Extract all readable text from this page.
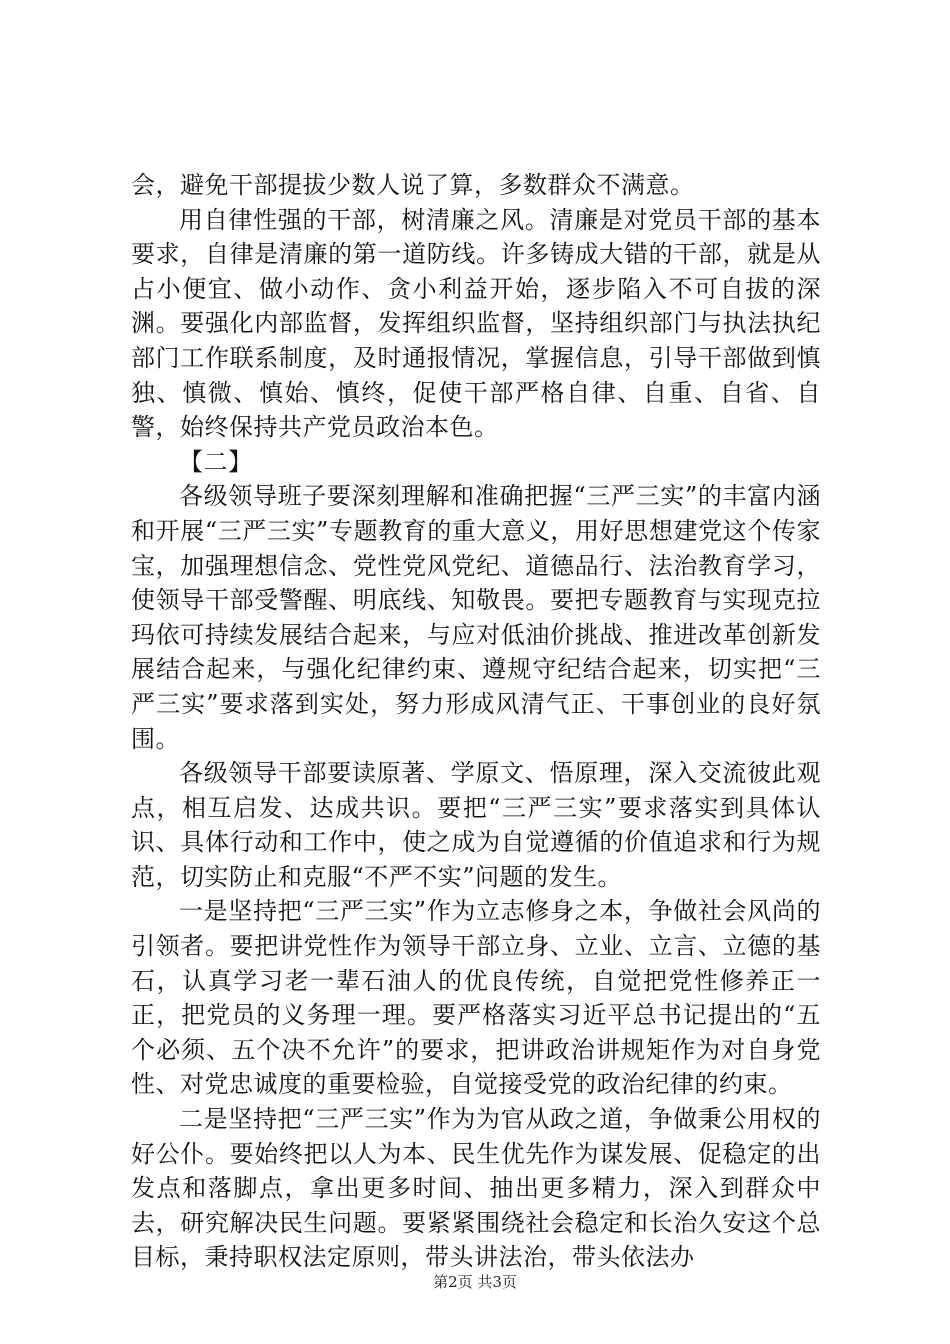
会，避免干部提拔少数人说了算，多数群众不满意。

用自律性强的干部，树清廉之风。清廉是对党员干部的基本要求，自律是清廉的第一道防线。许多铸成大错的干部，就是从占小便宜、做小动作、贪小利益开始，逐步陷入不可自拔的深渊。要强化内部监督，发挥组织监督，坚持组织部门与执法执纪部门工作联系制度，及时通报情况，掌握信息，引导干部做到慎独、慎微、慎始、慎终，促使干部严格自律、自重、自省、自警，始终保持共产党员政治本色。

【二】

各级领导班子要深刻理解和准确把握“三严三实”的丰富内涵和开展“三严三实”专题教育的重大意义，用好思想建党这个传家宝，加强理想信念、党性党风党纪、道德品行、法治教育学习，使领导干部受警醒、明底线、知敬畏。要把专题教育与实现克拉玛依可持续发展结合起来，与应对低油价挑战、推进改革创新发展结合起来，与强化纪律约束、遵规守纪结合起来，切实把“三严三实”要求落到实处，努力形成风清气正、干事创业的良好氛围。

各级领导干部要读原著、学原文、悟原理，深入交流彼此观点，相互启发、达成共识。要把“三严三实”要求落实到具体认识、具体行动和工作中，使之成为自觉遵循的价值追求和行为规范，切实防止和克服“不严不实”问题的发生。

一是坚持把“三严三实”作为立志修身之本，争做社会风尚的引领者。要把讲党性作为领导干部立身、立业、立言、立德的基石，认真学习老一辈石油人的优良传统，自觉把党性修养正一正，把党员的义务理一理。要严格落实习近平总书记提出的“五个必须、五个决不允许”的要求，把讲政治讲规矩作为对自身党性、对党忠诚度的重要检验，自觉接受党的政治纪律的约束。

二是坚持把“三严三实”作为为官从政之道，争做秉公用权的好公仆。要始终把以人为本、民生优先作为谋发展、促稳定的出发点和落脚点，拿出更多时间、抽出更多精力，深入到群众中去，研究解决民生问题。要紧紧围绕社会稳定和长治久安这个总目标，秉持职权法定原则，带头讲法治，带头依法办

第2页 共3页
